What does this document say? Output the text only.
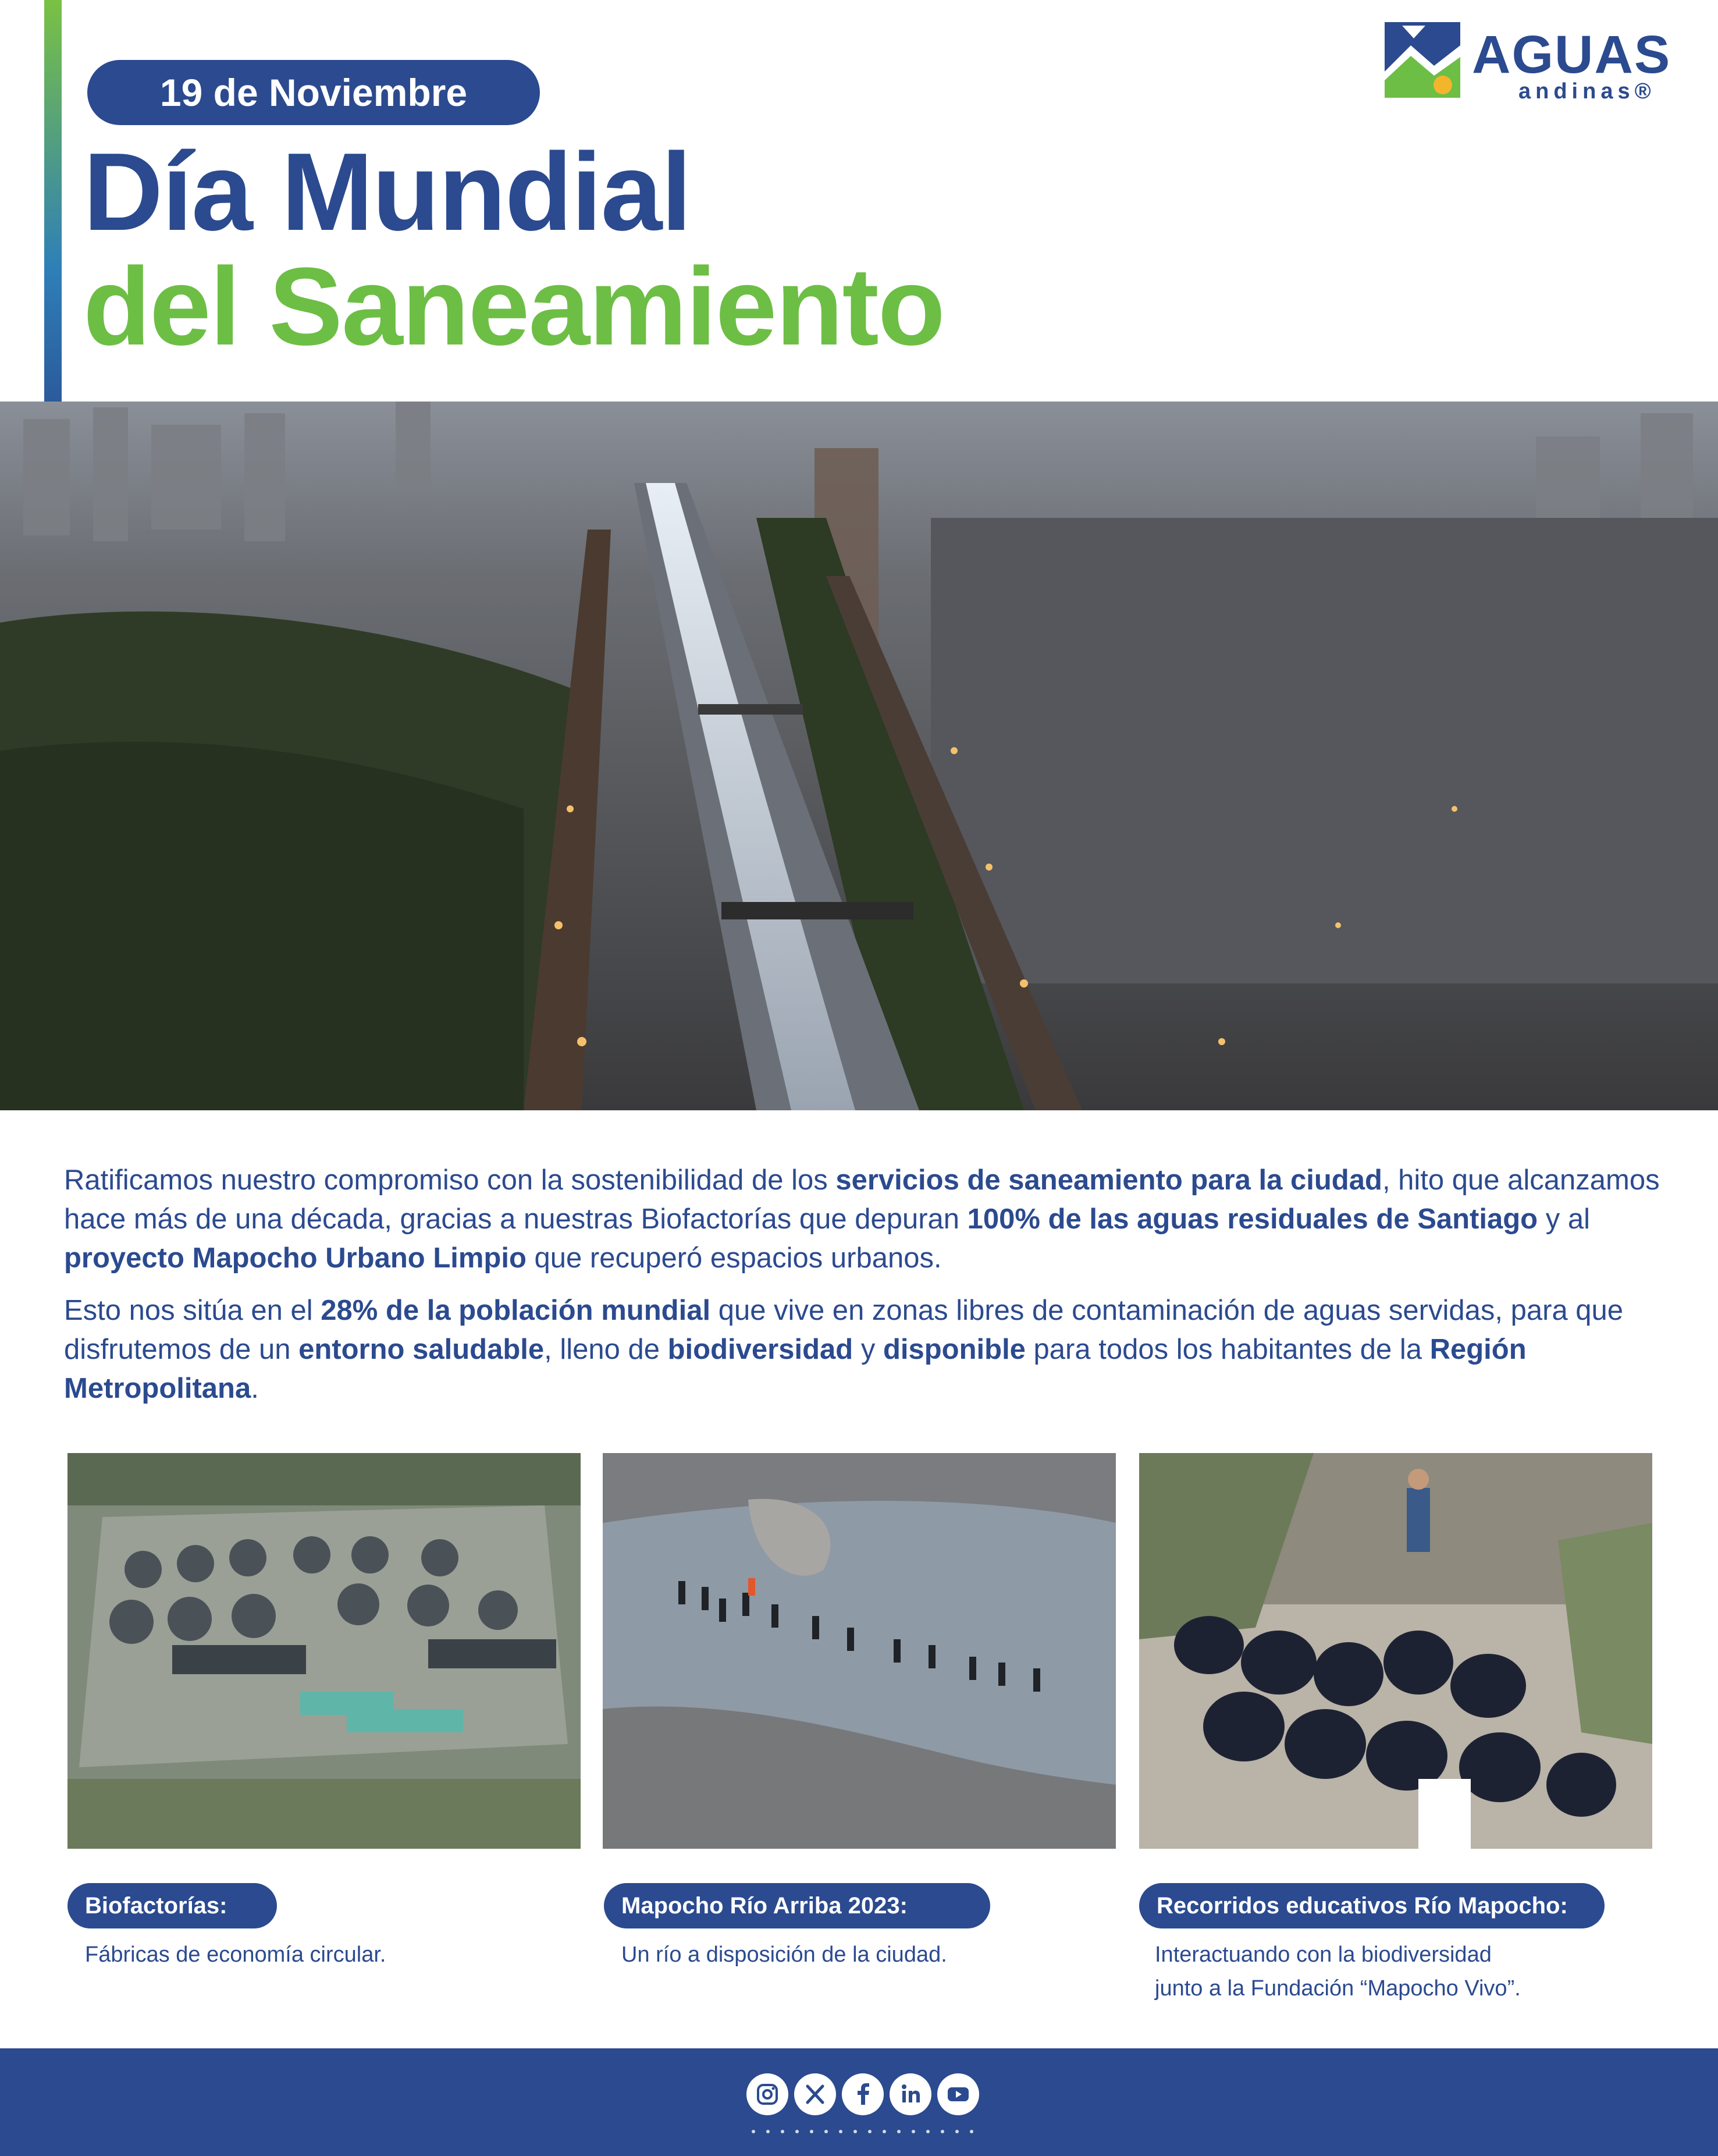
19 de Noviembre
Día Mundial
del Saneamiento
AGUAS
andinas®

Ratificamos nuestro compromiso con la sostenibilidad de los servicios de saneamiento para la ciudad, hito que alcanzamos hace más de una década, gracias a nuestras Biofactorías que depuran 100% de las aguas residuales de Santiago y al proyecto Mapocho Urbano Limpio que recuperó espacios urbanos.

Esto nos sitúa en el 28% de la población mundial que vive en zonas libres de contaminación de aguas servidas, para que disfrutemos de un entorno saludable, lleno de biodiversidad y disponible para todos los habitantes de la Región Metropolitana.

Biofactorías:	Mapocho Río Arriba 2023:	Recorridos educativos Río Mapocho:
Fábricas de economía circular.	Un río a disposición de la ciudad.	Interactuando con la biodiversidad
junto a la Fundación “Mapocho Vivo”.
